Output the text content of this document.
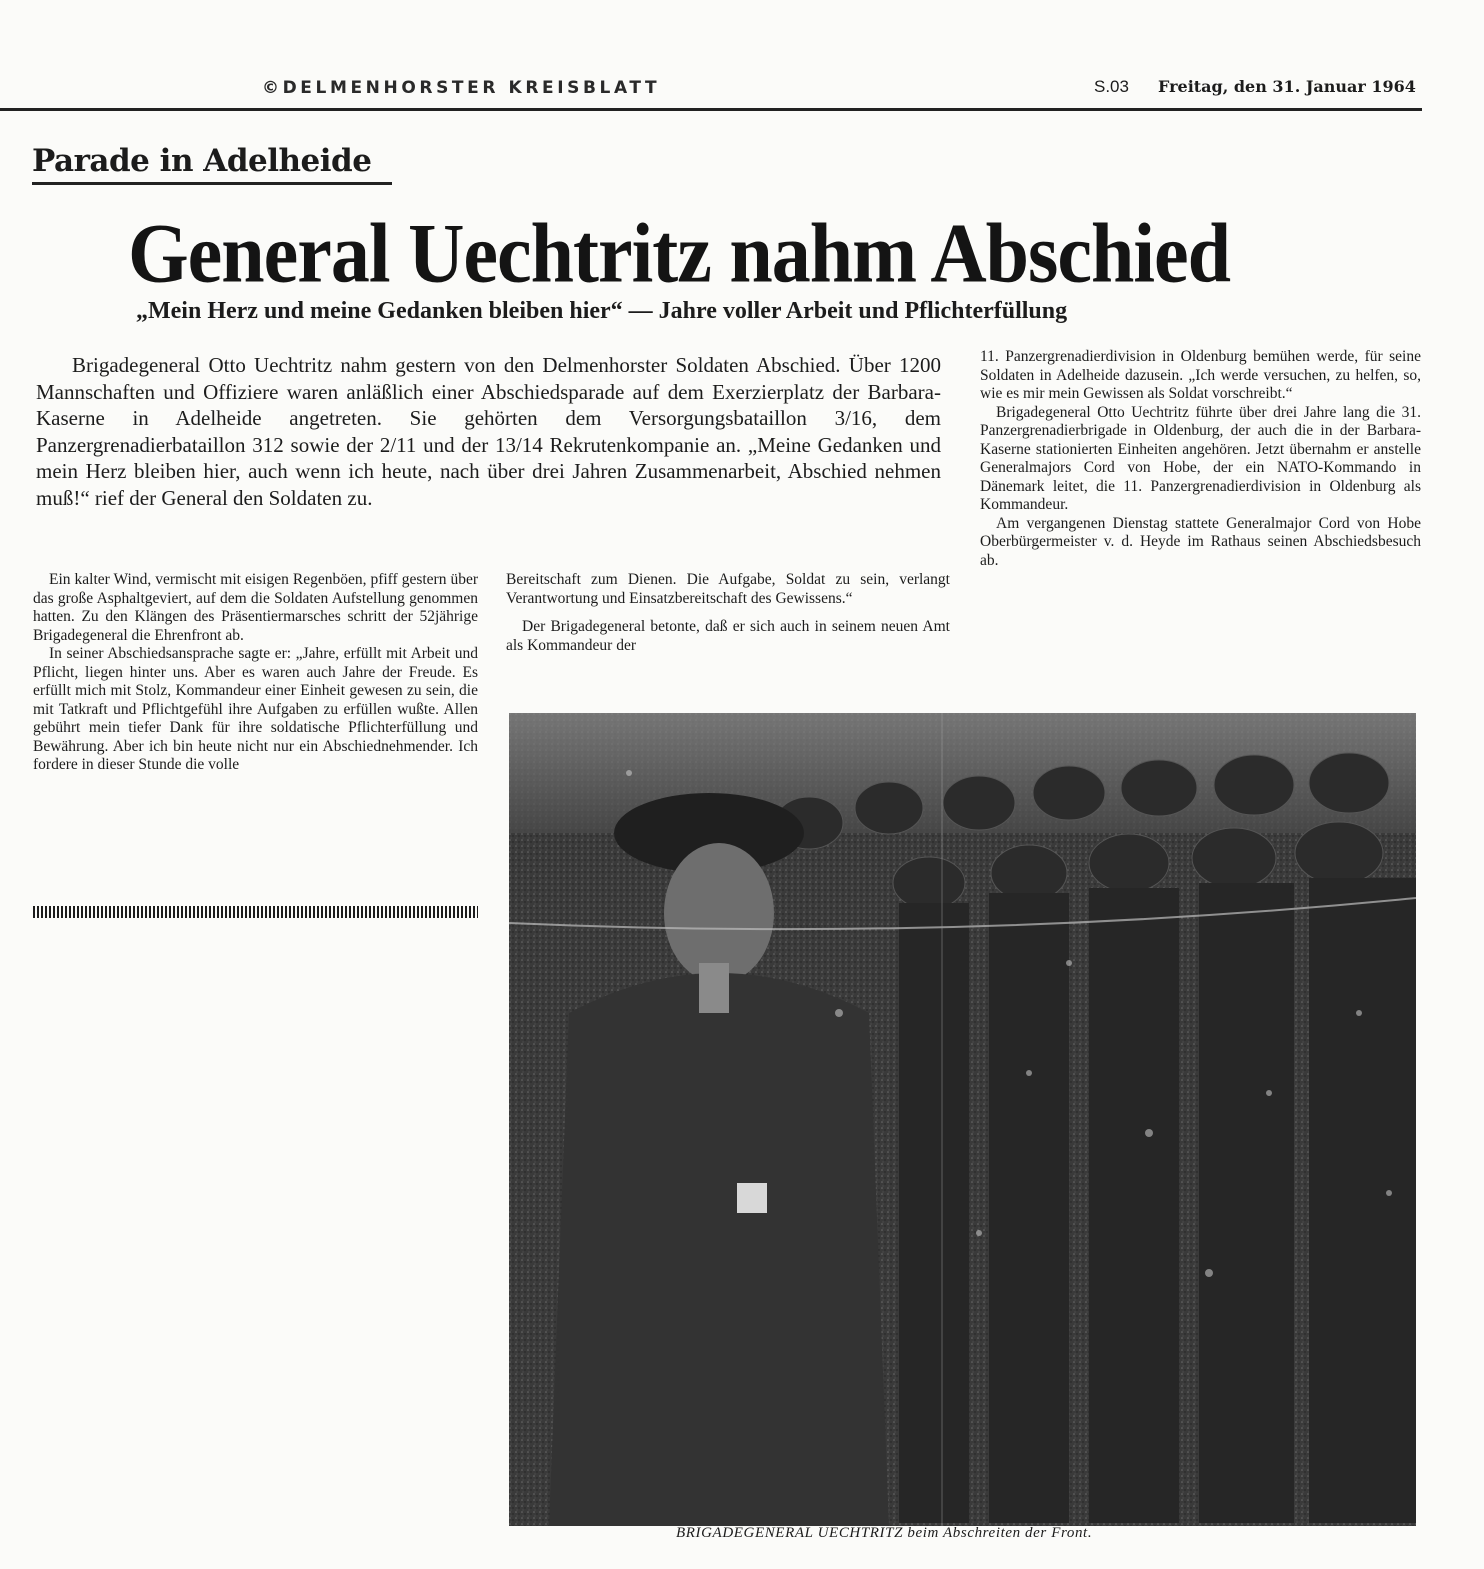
©DELMENHORSTER KREISBLATT	S.03 Freitag, den 31. Januar 1964
Parade in Adelheide
General Uechtritz nahm Abschied
„Mein Herz und meine Gedanken bleiben hier“ — Jahre voller Arbeit und Pflichterfüllung
Brigadegeneral Otto Uechtritz nahm gestern von den Delmenhorster Soldaten Abschied. Über 1200 Mannschaften und Offiziere waren anläßlich einer Abschiedsparade auf dem Exerzierplatz der Barbara-Kaserne in Adelheide angetreten. Sie gehörten dem Versorgungsbataillon 3/16, dem Panzergrenadierbataillon 312 sowie der 2/11 und der 13/14 Rekrutenkompanie an. „Meine Gedanken und mein Herz bleiben hier, auch wenn ich heute, nach über drei Jahren Zusammenarbeit, Abschied nehmen muß!“ rief der General den Soldaten zu.

Ein kalter Wind, vermischt mit eisigen Regenböen, pfiff gestern über das große Asphaltgeviert, auf dem die Soldaten Aufstellung genommen hatten. Zu den Klängen des Präsentiermarsches schritt der 52jährige Brigadegeneral die Ehrenfront ab.

In seiner Abschiedsansprache sagte er: „Jahre, erfüllt mit Arbeit und Pflicht, liegen hinter uns. Aber es waren auch Jahre der Freude. Es erfüllt mich mit Stolz, Kommandeur einer Einheit gewesen zu sein, die mit Tatkraft und Pflichtgefühl ihre Aufgaben zu erfüllen wußte. Allen gebührt mein tiefer Dank für ihre soldatische Pflichterfüllung und Bewährung. Aber ich bin heute nicht nur ein Abschiednehmender. Ich fordere in dieser Stunde die volle

Bereitschaft zum Dienen. Die Aufgabe, Soldat zu sein, verlangt Verantwortung und Einsatzbereitschaft des Gewissens.“

Der Brigadegeneral betonte, daß er sich auch in seinem neuen Amt als Kommandeur der

11. Panzergrenadierdivision in Oldenburg bemühen werde, für seine Soldaten in Adelheide dazusein. „Ich werde versuchen, zu helfen, so, wie es mir mein Gewissen als Soldat vorschreibt.“

Brigadegeneral Otto Uechtritz führte über drei Jahre lang die 31. Panzergrenadierbrigade in Oldenburg, der auch die in der Barbara-Kaserne stationierten Einheiten angehören. Jetzt übernahm er anstelle Generalmajors Cord von Hobe, der ein NATO-Kommando in Dänemark leitet, die 11. Panzergrenadierdivision in Oldenburg als Kommandeur.

Am vergangenen Dienstag stattete Generalmajor Cord von Hobe Oberbürgermeister v. d. Heyde im Rathaus seinen Abschiedsbesuch ab.

BRIGADEGENERAL UECHTRITZ beim Abschreiten der Front.
